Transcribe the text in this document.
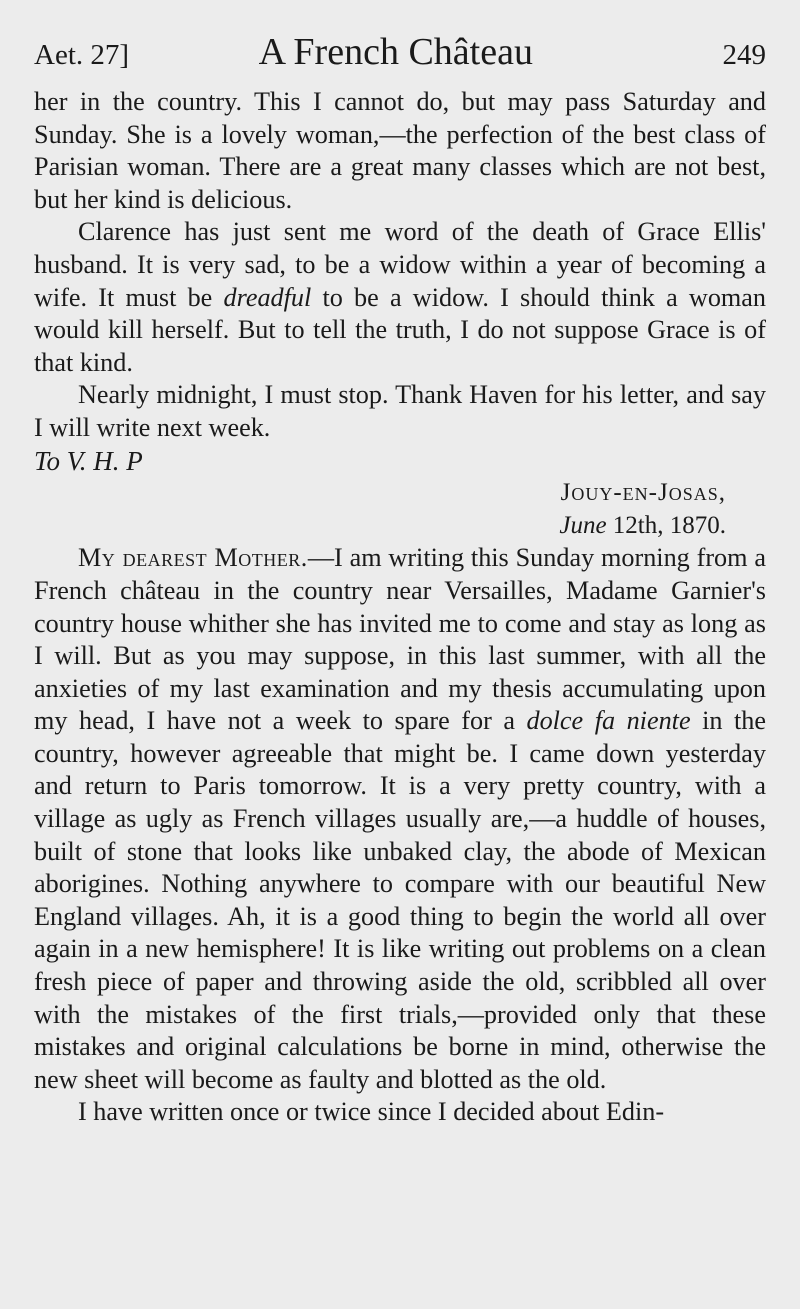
Aet. 27]	A French Château	249

her in the country. This I cannot do, but may pass Saturday and Sunday. She is a lovely woman,—the perfection of the best class of Parisian woman. There are a great many classes which are not best, but her kind is delicious.

Clarence has just sent me word of the death of Grace Ellis' husband. It is very sad, to be a widow within a year of becoming a wife. It must be dreadful to be a widow. I should think a woman would kill herself. But to tell the truth, I do not suppose Grace is of that kind.

Nearly midnight, I must stop. Thank Haven for his letter, and say I will write next week.

To V. H. P

Jouy-en-Josas,
June 12th, 1870.

My dearest Mother.—I am writing this Sunday morning from a French château in the country near Versailles, Madame Garnier's country house whither she has invited me to come and stay as long as I will. But as you may suppose, in this last summer, with all the anxieties of my last examination and my thesis accumulating upon my head, I have not a week to spare for a dolce fa niente in the country, however agreeable that might be. I came down yesterday and return to Paris tomorrow. It is a very pretty country, with a village as ugly as French villages usually are,—a huddle of houses, built of stone that looks like unbaked clay, the abode of Mexican aborigines. Nothing anywhere to compare with our beautiful New England villages. Ah, it is a good thing to begin the world all over again in a new hemisphere! It is like writing out problems on a clean fresh piece of paper and throwing aside the old, scribbled all over with the mistakes of the first trials,—provided only that these mistakes and original calculations be borne in mind, otherwise the new sheet will become as faulty and blotted as the old.

I have written once or twice since I decided about Edin-
